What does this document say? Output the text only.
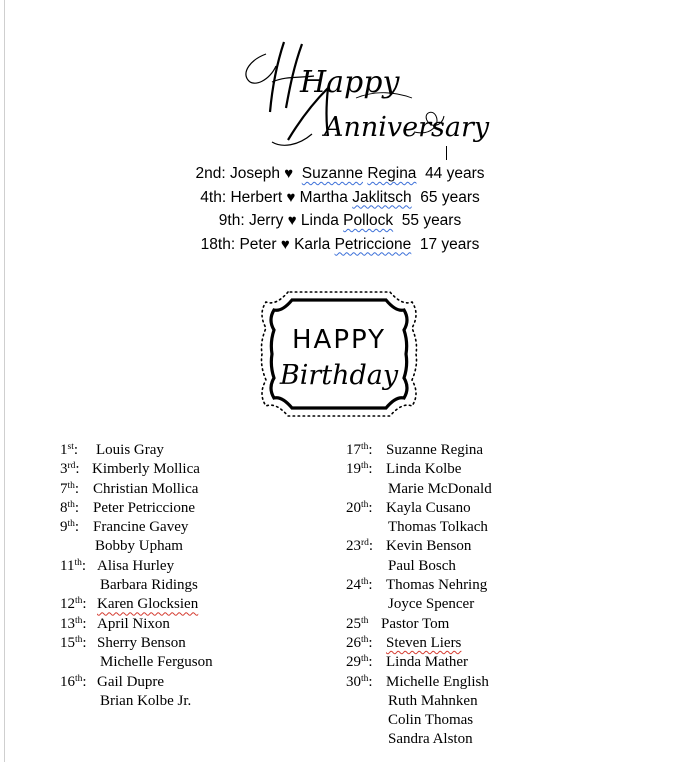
Happy
Anniversary
2nd: Joseph ♥ Suzanne Regina 44 years
4th: Herbert ♥ Martha Jaklitsch 65 years
9th: Jerry ♥ Linda Pollock 55 years
18th: Peter ♥ Karla Petriccione 17 years
HAPPY
Birthday
1st: Louis Gray
3rd: Kimberly Mollica
7th: Christian Mollica
8th: Peter Petriccione
9th: Francine Gavey
Bobby Upham
11th: Alisa Hurley
Barbara Ridings
12th: Karen Glocksien
13th: April Nixon
15th: Sherry Benson
Michelle Ferguson
16th: Gail Dupre
Brian Kolbe Jr.
17th: Suzanne Regina
19th: Linda Kolbe
Marie McDonald
20th: Kayla Cusano
Thomas Tolkach
23rd: Kevin Benson
Paul Bosch
24th: Thomas Nehring
Joyce Spencer
25th Pastor Tom
26th: Steven Liers
29th: Linda Mather
30th: Michelle English
Ruth Mahnken
Colin Thomas
Sandra Alston
